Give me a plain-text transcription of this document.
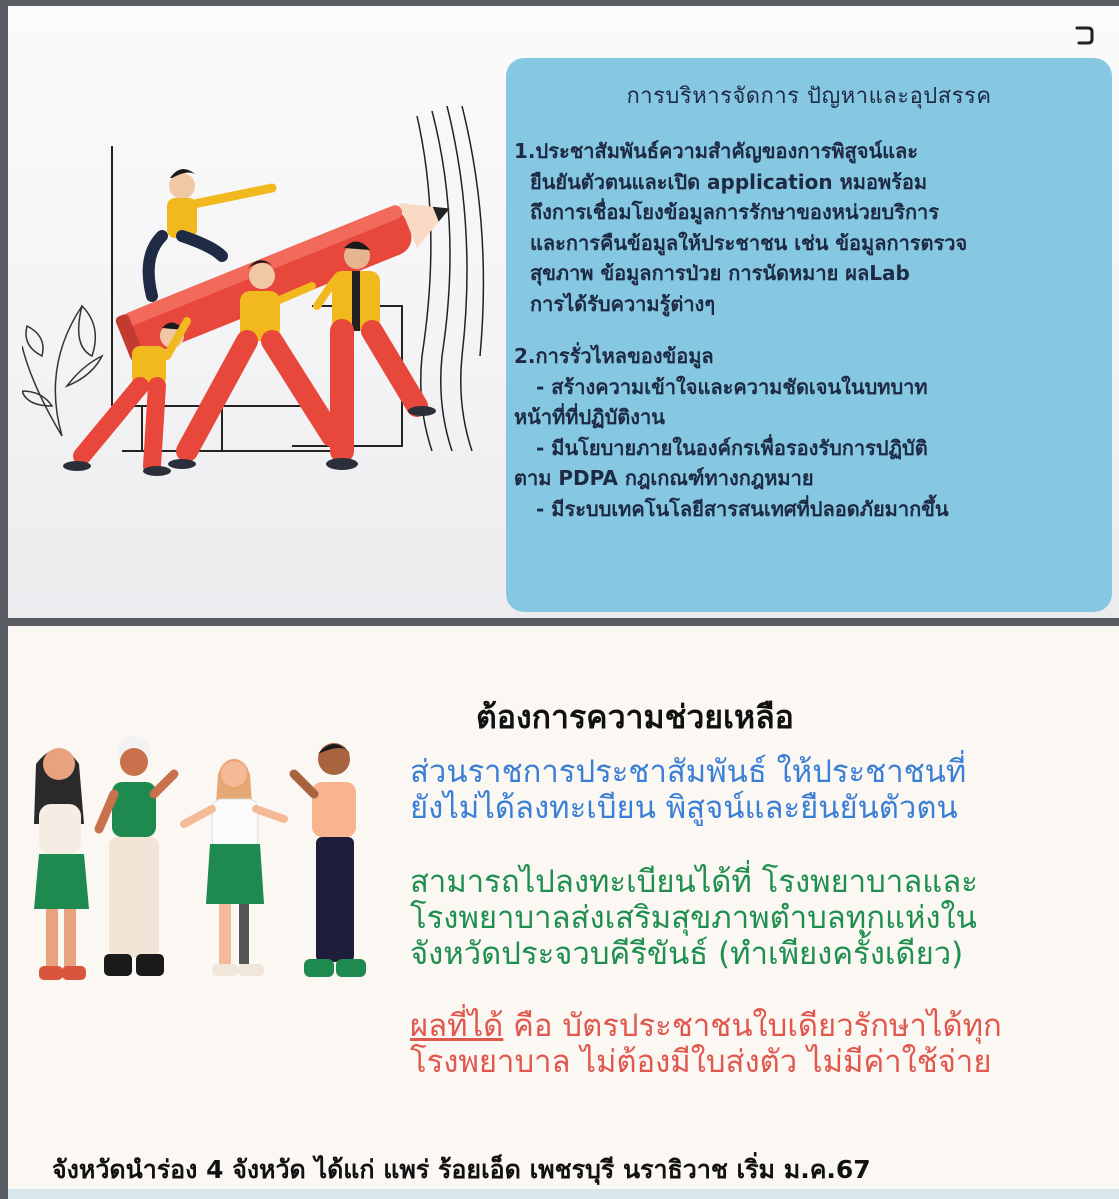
การบริหารจัดการ ปัญหาและอุปสรรค

1.ประชาสัมพันธ์ความสำคัญของการพิสูจน์และ

ยืนยันตัวตนและเปิด application หมอพร้อม

ถึงการเชื่อมโยงข้อมูลการรักษาของหน่วยบริการ

และการคืนข้อมูลให้ประชาชน เช่น ข้อมูลการตรวจ

สุขภาพ ข้อมูลการป่วย การนัดหมาย ผลLab

การได้รับความรู้ต่างๆ

2.การรั่วไหลของข้อมูล

- สร้างความเข้าใจและความชัดเจนในบทบาท

หน้าที่ที่ปฏิบัติงาน

- มีนโยบายภายในองค์กรเพื่อรองรับการปฏิบัติ

ตาม PDPA กฎเกณฑ์ทางกฎหมาย

- มีระบบเทคโนโลยีสารสนเทศที่ปลอดภัยมากขึ้น

ต้องการความช่วยเหลือ
ส่วนราชการประชาสัมพันธ์ ให้ประชาชนที่
ยังไม่ได้ลงทะเบียน พิสูจน์และยืนยันตัวตน
สามารถไปลงทะเบียนได้ที่ โรงพยาบาลและ
โรงพยาบาลส่งเสริมสุขภาพตำบลทุกแห่งใน
จังหวัดประจวบคีรีขันธ์ (ทำเพียงครั้งเดียว)
ผลที่ได้ คือ บัตรประชาชนใบเดียวรักษาได้ทุก
โรงพยาบาล ไม่ต้องมีใบส่งตัว ไม่มีค่าใช้จ่าย
จังหวัดนำร่อง 4 จังหวัด ได้แก่ แพร่ ร้อยเอ็ด เพชรบุรี นราธิวาช เริ่ม ม.ค.67
